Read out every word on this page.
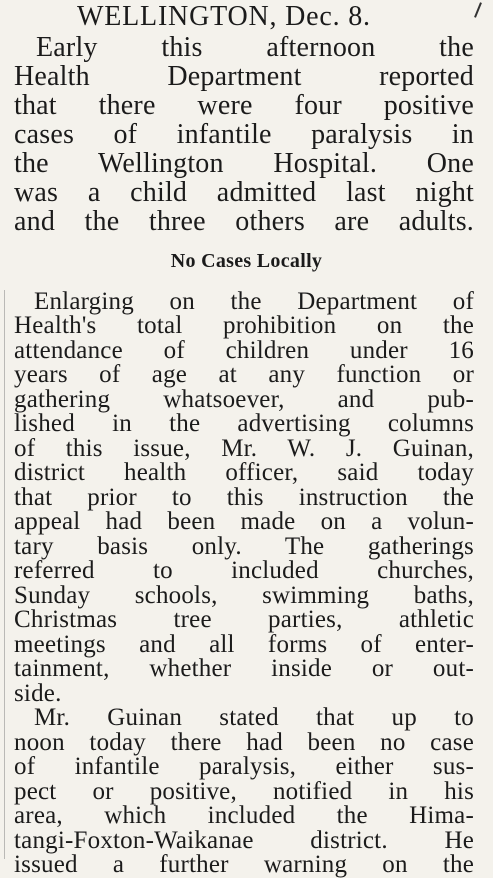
WELLINGTON, Dec. 8.
Early this afternoon the
Health Department reported
that there were four positive
cases of infantile paralysis in
the Wellington Hospital. One
was a child admitted last night
and the three others are adults.
No Cases Locally
Enlarging on the Department of
Health's total prohibition on the
attendance of children under 16
years of age at any function or
gathering whatsoever, and pub-
lished in the advertising columns
of this issue, Mr. W. J. Guinan,
district health officer, said today
that prior to this instruction the
appeal had been made on a volun-
tary basis only. The gatherings
referred to included churches,
Sunday schools, swimming baths,
Christmas tree parties, athletic
meetings and all forms of enter-
tainment, whether inside or out-
side.
Mr. Guinan stated that up to
noon today there had been no case
of infantile paralysis, either sus-
pect or positive, notified in his
area, which included the Hima-
tangi-Foxton-Waikanae district. He
issued a further warning on the
